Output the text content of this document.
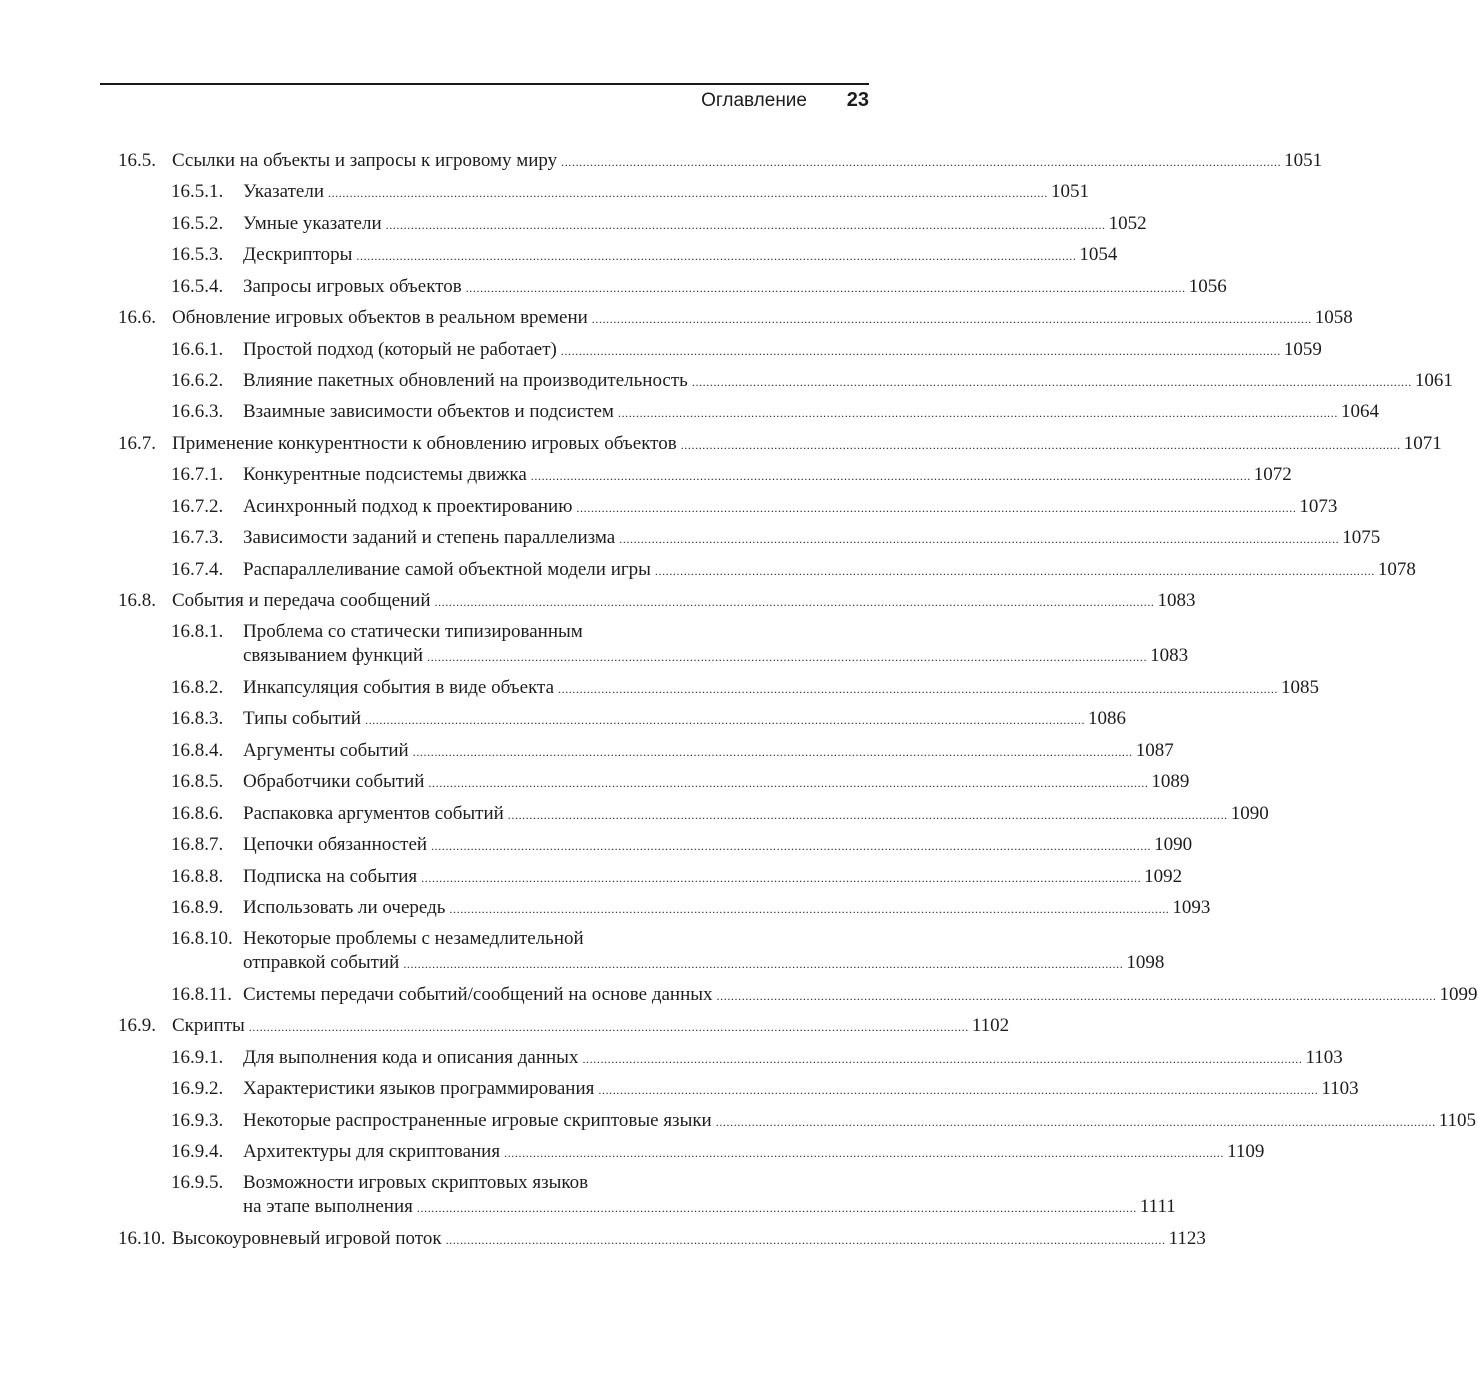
Оглавление 23
16.5. Ссылки на объекты и запросы к игровому миру ........................................................................................................................................................................................................ 1051
16.5.1. Указатели ........................................................................................................................................................................................................ 1051
16.5.2. Умные указатели ........................................................................................................................................................................................................ 1052
16.5.3. Дескрипторы ........................................................................................................................................................................................................ 1054
16.5.4. Запросы игровых объектов ........................................................................................................................................................................................................ 1056
16.6. Обновление игровых объектов в реальном времени ........................................................................................................................................................................................................ 1058
16.6.1. Простой подход (который не работает) ........................................................................................................................................................................................................ 1059
16.6.2. Влияние пакетных обновлений на производительность ........................................................................................................................................................................................................ 1061
16.6.3. Взаимные зависимости объектов и подсистем ........................................................................................................................................................................................................ 1064
16.7. Применение конкурентности к обновлению игровых объектов ........................................................................................................................................................................................................ 1071
16.7.1. Конкурентные подсистемы движка ........................................................................................................................................................................................................ 1072
16.7.2. Асинхронный подход к проектированию ........................................................................................................................................................................................................ 1073
16.7.3. Зависимости заданий и степень параллелизма ........................................................................................................................................................................................................ 1075
16.7.4. Распараллеливание самой объектной модели игры ........................................................................................................................................................................................................ 1078
16.8. События и передача сообщений ........................................................................................................................................................................................................ 1083
16.8.1. Проблема со статически типизированным
связыванием функций ........................................................................................................................................................................................................ 1083
16.8.2. Инкапсуляция события в виде объекта ........................................................................................................................................................................................................ 1085
16.8.3. Типы событий ........................................................................................................................................................................................................ 1086
16.8.4. Аргументы событий ........................................................................................................................................................................................................ 1087
16.8.5. Обработчики событий ........................................................................................................................................................................................................ 1089
16.8.6. Распаковка аргументов событий ........................................................................................................................................................................................................ 1090
16.8.7. Цепочки обязанностей ........................................................................................................................................................................................................ 1090
16.8.8. Подписка на события ........................................................................................................................................................................................................ 1092
16.8.9. Использовать ли очередь ........................................................................................................................................................................................................ 1093
16.8.10. Некоторые проблемы с незамедлительной
отправкой событий ........................................................................................................................................................................................................ 1098
16.8.11. Системы передачи событий/сообщений на основе данных ........................................................................................................................................................................................................ 1099
16.9. Скрипты ........................................................................................................................................................................................................ 1102
16.9.1. Для выполнения кода и описания данных ........................................................................................................................................................................................................ 1103
16.9.2. Характеристики языков программирования ........................................................................................................................................................................................................ 1103
16.9.3. Некоторые распространенные игровые скриптовые языки ........................................................................................................................................................................................................ 1105
16.9.4. Архитектуры для скриптования ........................................................................................................................................................................................................ 1109
16.9.5. Возможности игровых скриптовых языков
на этапе выполнения ........................................................................................................................................................................................................ 1111
16.10. Высокоуровневый игровой поток ........................................................................................................................................................................................................ 1123
